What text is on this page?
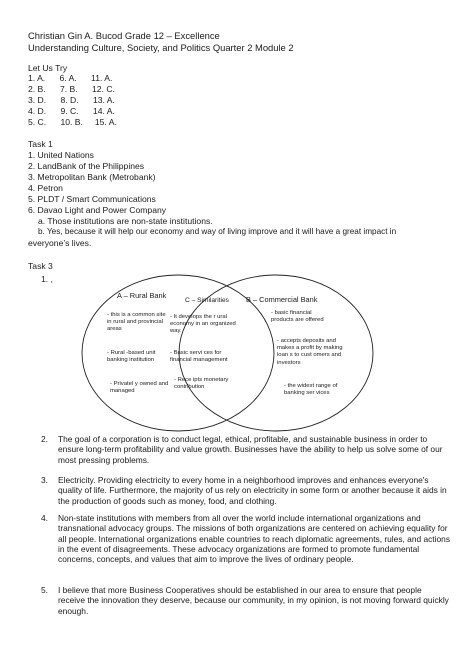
Christian Gin A. Bucod Grade 12 – Excellence
Understanding Culture, Society, and Politics Quarter 2 Module 2
Let Us Try
1. A.      6. A.      11. A.
2. B.      7. B.      12. C.
3. D.      8. D.      13. A.
4. D.      9. C.      14. A.
5. C.      10. B.     15. A.
Task 1
1. United Nations
2. LandBank of the Philippines
3. Metropolitan Bank (Metrobank)
4. Petron
5. PLDT / Smart Communications
6. Davao Light and Power Company
a. Those institutions are non-state institutions.
b. Yes, because it will help our economy and way of living improve and it will have a great impact in
everyone’s lives.
Task 3
1. ,
A – Rural Bank	B – Commercial Bank
C – Similarities
- this is a common site
in rural and provincial
areas
- Rural -based unit
banking institution
- Privatel y owned and
managed
- It develops the r ural
economy in an organized
way.
- Basic servi ces for
financial management
- Rece ipts monetary
contribution
- basic financial
products are offered
- accepts deposits and
makes a profit by making
loan s to cust omers and
investors
- the widest range of
banking ser vices
2. The goal of a corporation is to conduct legal, ethical, profitable, and sustainable business in order to ensure long-term profitability and value growth. Businesses have the ability to help us solve some of our most pressing problems.
3. Electricity. Providing electricity to every home in a neighborhood improves and enhances everyone's quality of life. Furthermore, the majority of us rely on electricity in some form or another because it aids in the production of goods such as money, food, and clothing.
4. Non-state institutions with members from all over the world include international organizations and transnational advocacy groups. The missions of both organizations are centered on achieving equality for all people. International organizations enable countries to reach diplomatic agreements, rules, and actions in the event of disagreements. These advocacy organizations are formed to promote fundamental concerns, concepts, and values that aim to improve the lives of ordinary people.
5. I believe that more Business Cooperatives should be established in our area to ensure that people receive the innovation they deserve, because our community, in my opinion, is not moving forward quickly enough.
